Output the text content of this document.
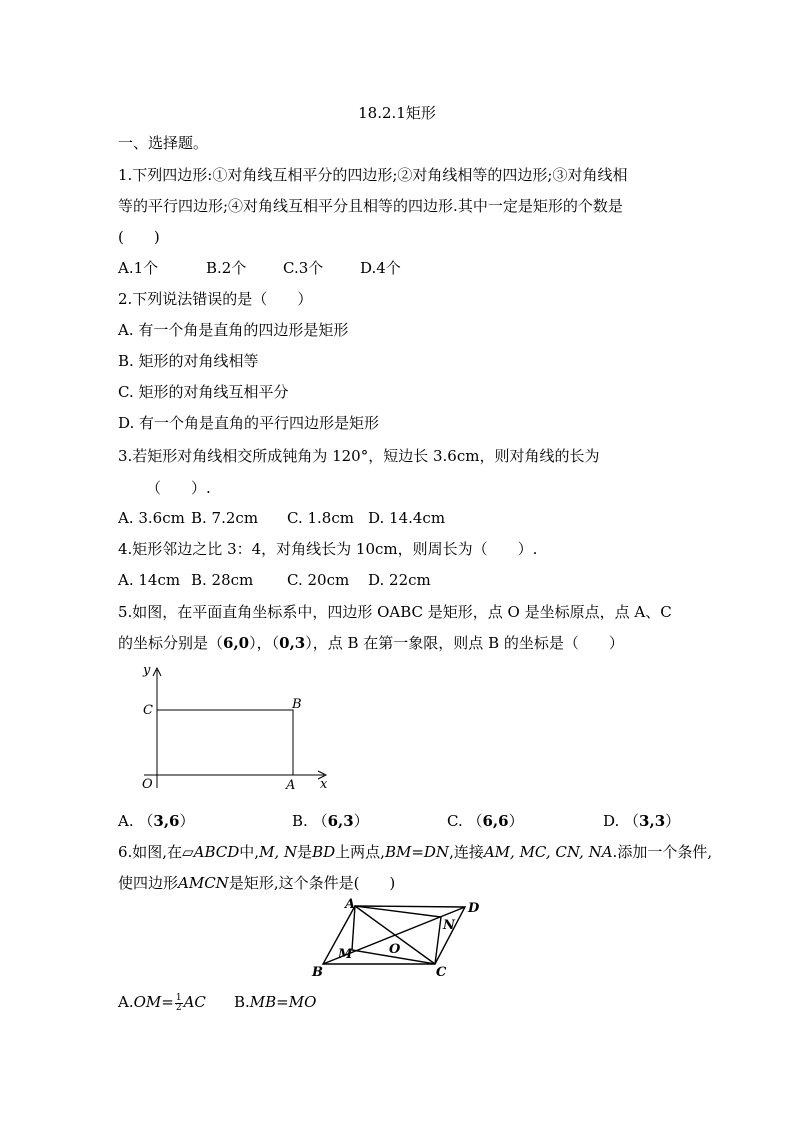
18.2.1矩形
一、选择题。
1.下列四边形:①对角线互相平分的四边形;②对角线相等的四边形;③对角线相
等的平行四边形;④对角线互相平分且相等的四边形.其中一定是矩形的个数是
(　　)
A.1个	B.2个 C.3个 D.4个
2.下列说法错误的是（　　）
A. 有一个角是直角的四边形是矩形
B. 矩形的对角线相等
C. 矩形的对角线互相平分
D. 有一个角是直角的平行四边形是矩形
3.若矩形对角线相交所成钝角为 120°，短边长 3.6cm，则对角线的长为
（　　）.
A. 3.6cm B. 7.2cm C. 1.8cm D. 14.4cm
4.矩形邻边之比 3：4，对角线长为 10cm，则周长为（　　）.
A. 14cm B. 28cm C. 20cm D. 22cm
5.如图，在平面直角坐标系中，四边形 OABC 是矩形，点 O 是坐标原点，点 A、C
的坐标分别是（6,0），（0,3），点 B 在第一象限，则点 B 的坐标是（　　）
y
C	B
O	A x
A. （3,6）	B. （6,3）	C. （6,6）	D. （3,3）
6.如图,在▱ABCD中,M, N是BD上两点,BM=DN,连接AM, MC, CN, NA.添加一个条件,
使四边形AMCN是矩形,这个条件是(　　)
A	D
N
M	O
B	C
$A.OM= \frac{1}{2}$ AC B.MB=MO
